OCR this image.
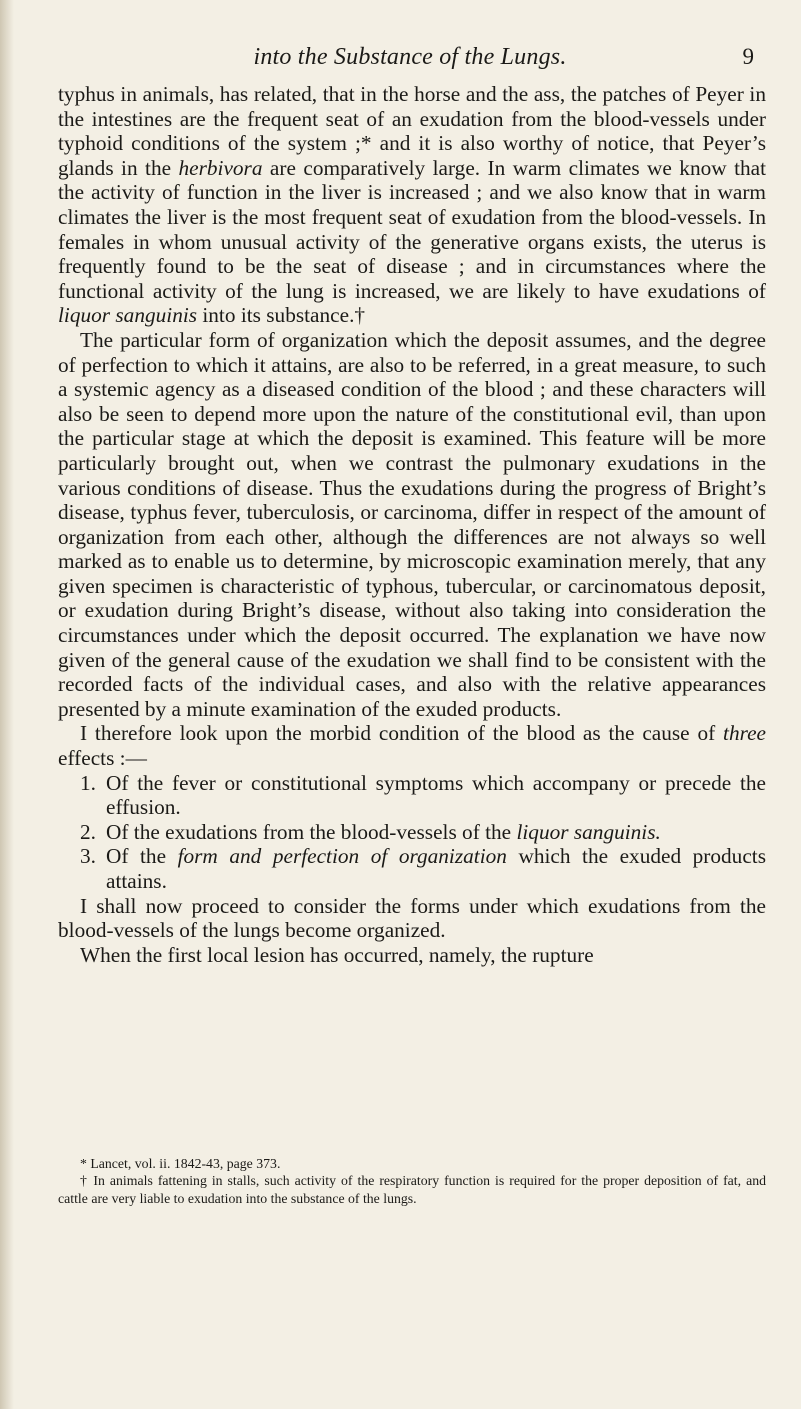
into the Substance of the Lungs.	9

typhus in animals, has related, that in the horse and the ass, the patches of Peyer in the intestines are the frequent seat of an exudation from the blood-vessels under typhoid conditions of the system ;* and it is also worthy of notice, that Peyer’s glands in the herbivora are comparatively large. In warm climates we know that the activity of function in the liver is increased ; and we also know that in warm climates the liver is the most frequent seat of exudation from the blood-vessels. In females in whom unusual activity of the generative organs exists, the uterus is frequently found to be the seat of disease ; and in circumstances where the functional activity of the lung is increased, we are likely to have exudations of liquor sanguinis into its substance.†

The particular form of organization which the deposit assumes, and the degree of perfection to which it attains, are also to be referred, in a great measure, to such a systemic agency as a diseased condition of the blood ; and these characters will also be seen to depend more upon the nature of the constitutional evil, than upon the particular stage at which the deposit is examined. This feature will be more particularly brought out, when we contrast the pulmonary exudations in the various conditions of disease. Thus the exudations during the progress of Bright’s disease, typhus fever, tuberculosis, or carcinoma, differ in respect of the amount of organization from each other, although the differences are not always so well marked as to enable us to determine, by microscopic examination merely, that any given specimen is characteristic of typhous, tubercular, or carcinomatous deposit, or exudation during Bright’s disease, without also taking into consideration the circumstances under which the deposit occurred. The explanation we have now given of the general cause of the exudation we shall find to be consistent with the recorded facts of the individual cases, and also with the relative appearances presented by a minute examination of the exuded products.

I therefore look upon the morbid condition of the blood as the cause of three effects :—

1. Of the fever or constitutional symptoms which accompany or precede the effusion.
2. Of the exudations from the blood-vessels of the liquor sanguinis.
3. Of the form and perfection of organization which the exuded products attains.

I shall now proceed to consider the forms under which exudations from the blood-vessels of the lungs become organized.

When the first local lesion has occurred, namely, the rupture

* Lancet, vol. ii. 1842-43, page 373.

† In animals fattening in stalls, such activity of the respiratory function is required for the proper deposition of fat, and cattle are very liable to exudation into the substance of the lungs.
